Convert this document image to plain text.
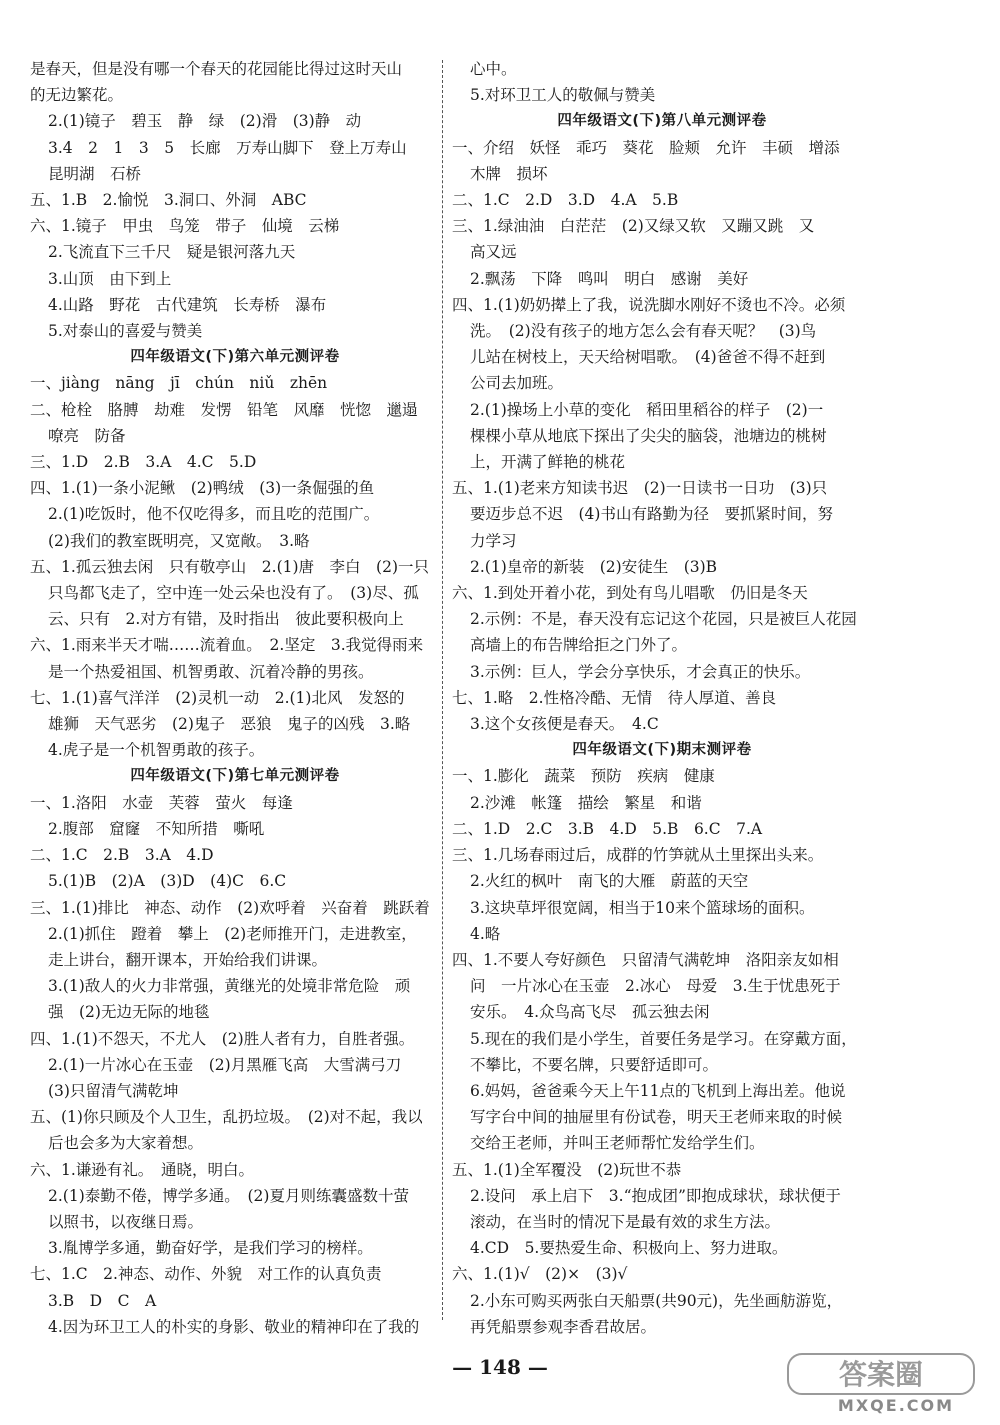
是春天，但是没有哪一个春天的花园能比得过这时天山
的无边繁花。
2.(1)镜子　碧玉　静　绿　(2)滑　(3)静　动
3.4　2　1　3　5　长廊　万寿山脚下　登上万寿山
昆明湖　石桥
五、1.B　2.愉悦　3.洞口、外洞　ABC
六、1.镜子　甲虫　鸟笼　带子　仙境　云梯
2.飞流直下三千尺　疑是银河落九天
3.山顶　由下到上
4.山路　野花　古代建筑　长寿桥　瀑布
5.对泰山的喜爱与赞美
四年级语文(下)第六单元测评卷
一、jiàng　nāng　jī　chún　niǔ　zhēn
二、枪栓　胳膊　劫难　发愣　铅笔　风靡　恍惚　邋遢
嘹亮　防备
三、1.D　2.B　3.A　4.C　5.D
四、1.(1)一条小泥鳅　(2)鸭绒　(3)一条倔强的鱼
2.(1)吃饭时，他不仅吃得多，而且吃的范围广。
(2)我们的教室既明亮，又宽敞。　3.略
五、1.孤云独去闲　只有敬亭山　2.(1)唐　李白　(2)一只
只鸟都飞走了，空中连一处云朵也没有了。　(3)尽、孤
云、只有　2.对方有错，及时指出　彼此要积极向上
六、1.雨来半天才喘……流着血。　2.坚定　3.我觉得雨来
是一个热爱祖国、机智勇敢、沉着冷静的男孩。
七、1.(1)喜气洋洋　(2)灵机一动　2.(1)北风　发怒的
雄狮　天气恶劣　(2)鬼子　恶狼　鬼子的凶残　3.略
4.虎子是一个机智勇敢的孩子。
四年级语文(下)第七单元测评卷
一、1.洛阳　水壶　芙蓉　萤火　每逢
2.腹部　窟窿　不知所措　嘶吼
二、1.C　2.B　3.A　4.D
5.(1)B　(2)A　(3)D　(4)C　6.C
三、1.(1)排比　神态、动作　(2)欢呼着　兴奋着　跳跃着
2.(1)抓住　蹬着　攀上　(2)老师推开门，走进教室，
走上讲台，翻开课本，开始给我们讲课。
3.(1)敌人的火力非常强，黄继光的处境非常危险　顽
强　(2)无边无际的地毯
四、1.(1)不怨天，不尤人　(2)胜人者有力，自胜者强。
2.(1)一片冰心在玉壶　(2)月黑雁飞高　大雪满弓刀
(3)只留清气满乾坤
五、(1)你只顾及个人卫生，乱扔垃圾。　(2)对不起，我以
后也会多为大家着想。
六、1.谦逊有礼。　通晓，明白。
2.(1)泰勤不倦，博学多通。　(2)夏月则练囊盛数十萤
以照书，以夜继日焉。
3.胤博学多通，勤奋好学，是我们学习的榜样。
七、1.C　2.神态、动作、外貌　对工作的认真负责
3.B　D　C　A
4.因为环卫工人的朴实的身影、敬业的精神印在了我的
心中。
5.对环卫工人的敬佩与赞美
四年级语文(下)第八单元测评卷
一、介绍　妖怪　乖巧　葵花　脸颊　允许　丰硕　增添
木牌　损坏
二、1.C　2.D　3.D　4.A　5.B
三、1.绿油油　白茫茫　(2)又绿又软　又蹦又跳　又
高又远
2.飘荡　下降　鸣叫　明白　感谢　美好
四、1.(1)奶奶撵上了我，说洗脚水刚好不烫也不冷。必须
洗。　(2)没有孩子的地方怎么会有春天呢？　(3)鸟
儿站在树枝上，天天给树唱歌。　(4)爸爸不得不赶到
公司去加班。
2.(1)操场上小草的变化　稻田里稻谷的样子　(2)一
棵棵小草从地底下探出了尖尖的脑袋，池塘边的桃树
上，开满了鲜艳的桃花
五、1.(1)老来方知读书迟　(2)一日读书一日功　(3)只
要迈步总不迟　(4)书山有路勤为径　要抓紧时间，努
力学习
2.(1)皇帝的新装　(2)安徒生　(3)B
六、1.到处开着小花，到处有鸟儿唱歌　仍旧是冬天
2.示例：不是，春天没有忘记这个花园，只是被巨人花园
高墙上的布告牌给拒之门外了。
3.示例：巨人，学会分享快乐，才会真正的快乐。
七、1.略　2.性格冷酷、无情　待人厚道、善良
3.这个女孩便是春天。　4.C
四年级语文(下)期末测评卷
一、1.膨化　蔬菜　预防　疾病　健康
2.沙滩　帐篷　描绘　繁星　和谐
二、1.D　2.C　3.B　4.D　5.B　6.C　7.A
三、1.几场春雨过后，成群的竹笋就从土里探出头来。
2.火红的枫叶　南飞的大雁　蔚蓝的天空
3.这块草坪很宽阔，相当于10来个篮球场的面积。
4.略
四、1.不要人夸好颜色　只留清气满乾坤　洛阳亲友如相
问　一片冰心在玉壶　2.冰心　母爱　3.生于忧患死于
安乐。　4.众鸟高飞尽　孤云独去闲
5.现在的我们是小学生，首要任务是学习。在穿戴方面，
不攀比，不要名牌，只要舒适即可。
6.妈妈，爸爸乘今天上午11点的飞机到上海出差。他说
写字台中间的抽屉里有份试卷，明天王老师来取的时候
交给王老师，并叫王老师帮忙发给学生们。
五、1.(1)全军覆没　(2)玩世不恭
2.设问　承上启下　3.“抱成团”即抱成球状，球状便于
滚动，在当时的情况下是最有效的求生方法。
4.CD　5.要热爱生命、积极向上、努力进取。
六、1.(1)√　(2)×　(3)√
2.小东可购买两张白天船票(共90元)，先坐画舫游览，
再凭船票参观李香君故居。
— 148 —	答案圈
MXQE.COM
